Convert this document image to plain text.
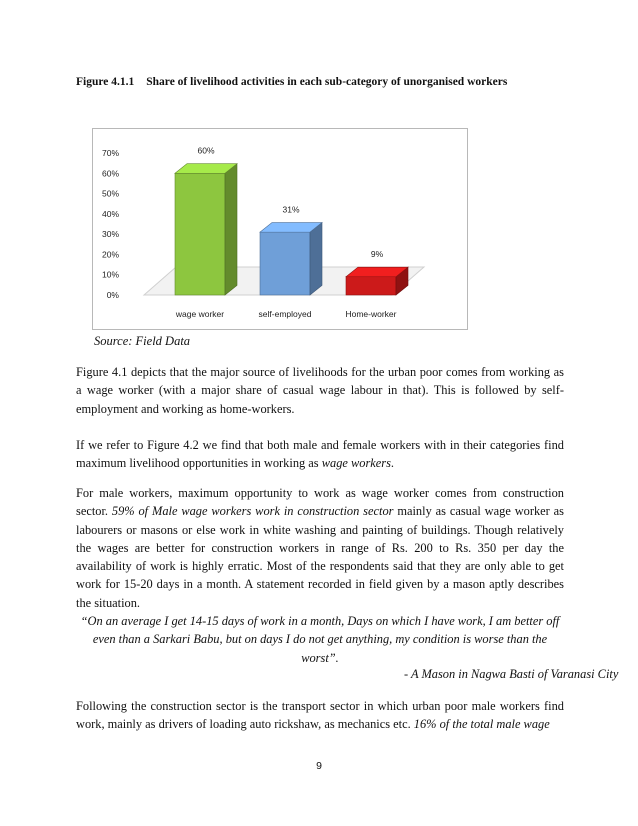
Figure 4.1.1 Share of livelihood activities in each sub-category of unorganised workers
0%
10%
20%
30%
40%
50%
60%
70%	60%
wage worker
31%
self-employed
9%
Home-worker
Source: Field Data

Figure 4.1 depicts that the major source of livelihoods for the urban poor comes from working as a wage worker (with a major share of casual wage labour in that). This is followed by self-employment and working as home-workers.

If we refer to Figure 4.2 we find that both male and female workers with in their categories find maximum livelihood opportunities in working as wage workers.

For male workers, maximum opportunity to work as wage worker comes from construction sector. 59% of Male wage workers work in construction sector mainly as casual wage worker as labourers or masons or else work in white washing and painting of buildings. Though relatively the wages are better for construction workers in range of Rs. 200 to Rs. 350 per day the availability of work is highly erratic. Most of the respondents said that they are only able to get work for 15-20 days in a month. A statement recorded in field given by a mason aptly describes the situation.

“On an average I get 14-15 days of work in a month, Days on which I have work, I am better off even than a Sarkari Babu, but on days I do not get anything, my condition is worse than the worst”.

- A Mason in Nagwa Basti of Varanasi City

Following the construction sector is the transport sector in which urban poor male workers find work, mainly as drivers of loading auto rickshaw, as mechanics etc. 16% of the total male wage

9
